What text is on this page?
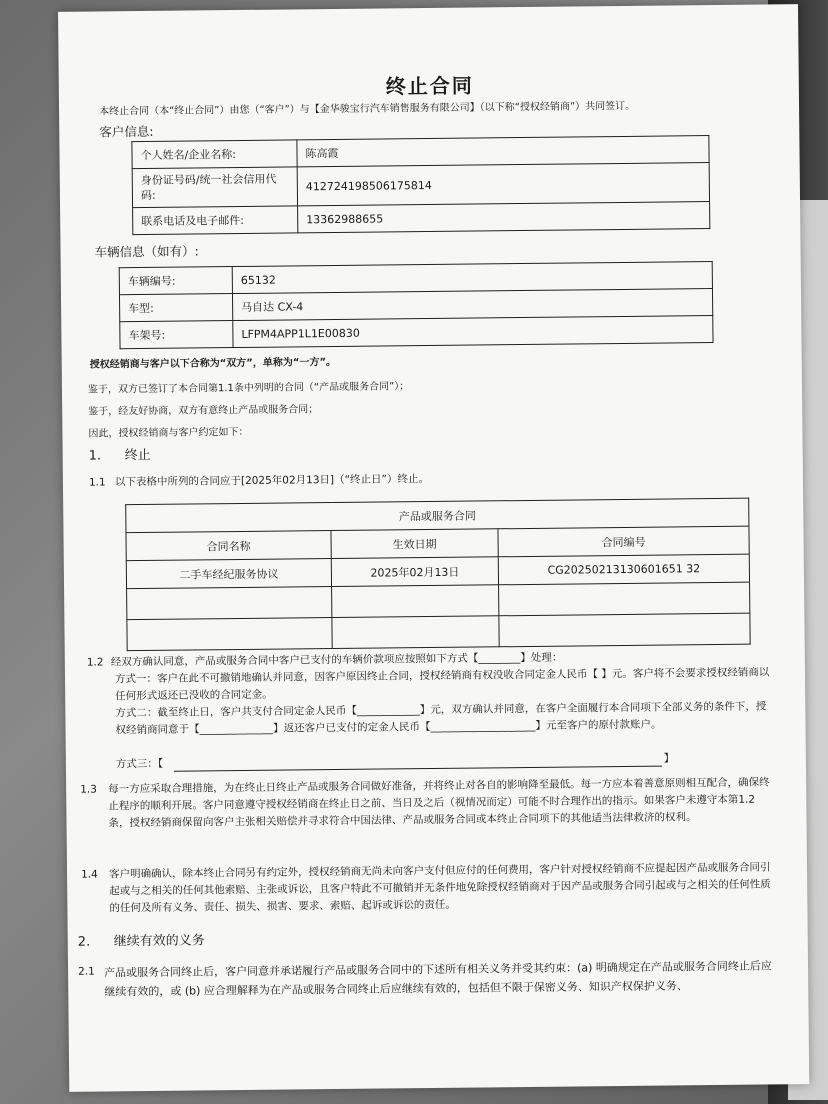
终止合同
本终止合同（本“终止合同”）由您（“客户”）与【金华骏宝行汽车销售服务有限公司】（以下称“授权经销商”）共同签订。
客户信息:
个人姓名/企业名称:	陈高霞
身份证号码/统一社会信用代码:	412724198506175814
联系电话及电子邮件:	13362988655
车辆信息（如有）:
车辆编号:	65132
车型:	马自达 CX-4
车架号:	LFPM4APP1L1E00830
授权经销商与客户以下合称为“双方”，单称为“一方”。
鉴于，双方已签订了本合同第1.1条中列明的合同（“产品或服务合同”）；
鉴于，经友好协商，双方有意终止产品或服务合同；
因此，授权经销商与客户约定如下：
1. 终止
1.1 以下表格中所列的合同应于[2025年02月13日]（“终止日”）终止。
产品或服务合同		
合同名称	生效日期	合同编号
二手车经纪服务协议	2025年02月13日	CG20250213130601651 32

1.2 经双方确认同意，产品或服务合同中客户已支付的车辆价款项应按照如下方式【________】处理：
方式一：客户在此不可撤销地确认并同意，因客户原因终止合同，授权经销商有权没收合同定金人民币【 】元。客户将不会要求授权经销商以任何形式返还已没收的合同定金。
方式二：截至终止日，客户共支付合同定金人民币【____________】元，双方确认并同意，在客户全面履行本合同项下全部义务的条件下，授权经销商同意于【______________】返还客户已支付的定金人民币【____________________】元至客户的原付款账户。
方式三：【	】
1.3 每一方应采取合理措施，为在终止日终止产品或服务合同做好准备，并将终止对各自的影响降至最低。每一方应本着善意原则相互配合，确保终止程序的顺利开展。客户同意遵守授权经销商在终止日之前、当日及之后（视情况而定）可能不时合理作出的指示。如果客户未遵守本第1.2条，授权经销商保留向客户主张相关赔偿并寻求符合中国法律、产品或服务合同或本终止合同项下的其他适当法律救济的权利。
1.4 客户明确确认，除本终止合同另有约定外，授权经销商无尚未向客户支付但应付的任何费用，客户针对授权经销商不应提起因产品或服务合同引起或与之相关的任何其他索赔、主张或诉讼，且客户特此不可撤销并无条件地免除授权经销商对于因产品或服务合同引起或与之相关的任何性质的任何及所有义务、责任、损失、损害、要求、索赔、起诉或诉讼的责任。
2. 继续有效的义务
2.1 产品或服务合同终止后，客户同意并承诺履行产品或服务合同中的下述所有相关义务并受其约束：(a) 明确规定在产品或服务合同终止后应继续有效的，或 (b) 应合理解释为在产品或服务合同终止后应继续有效的，包括但不限于保密义务、知识产权保护义务、
